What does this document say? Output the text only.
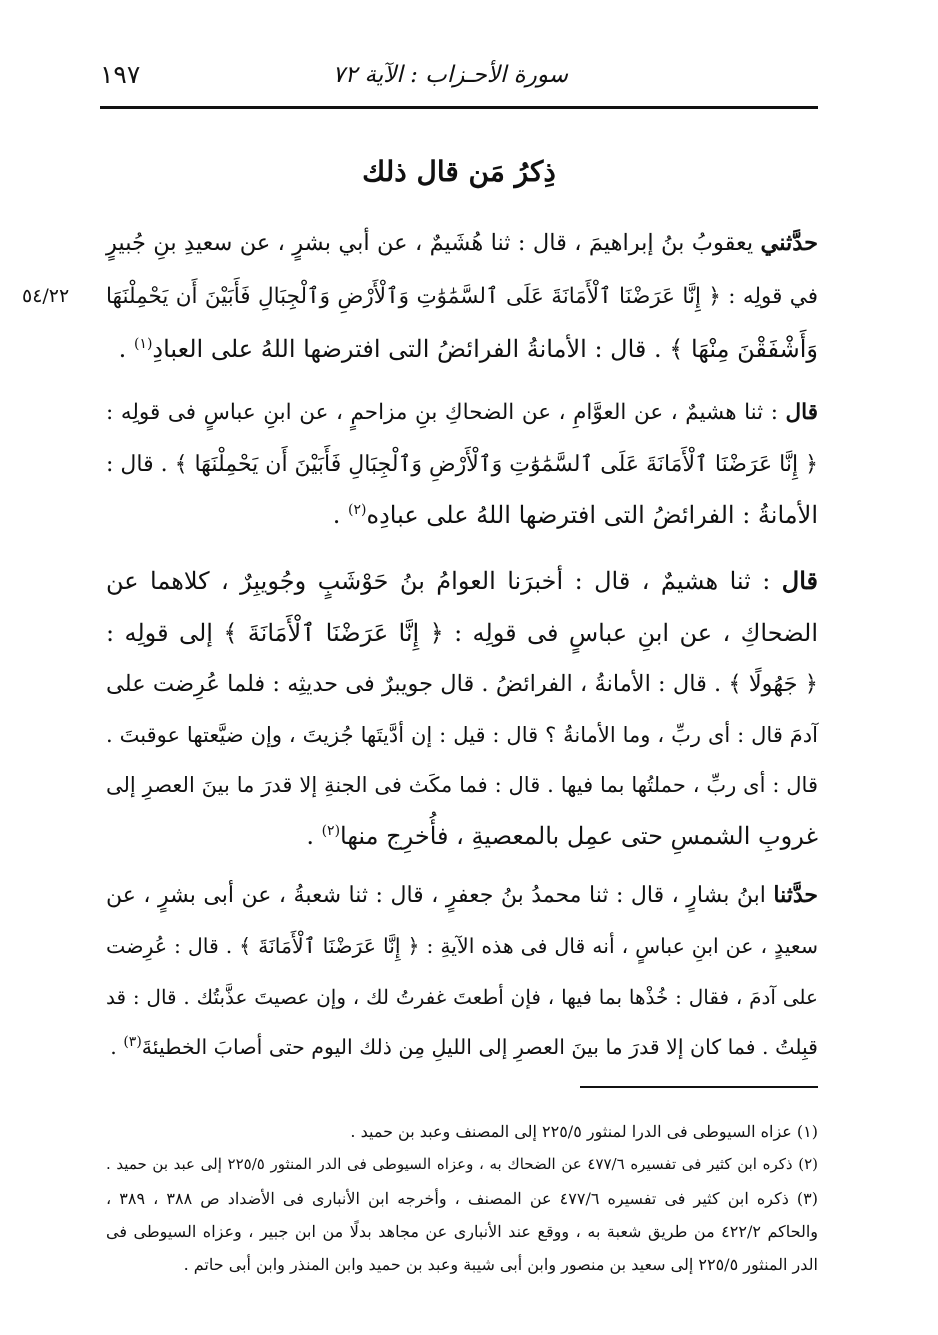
سورة الأحـزاب : الآية ٧٢
١٩٧
ذِكرُ مَن قال ذلك
٥٤/٢٢
حدَّثني يعقوبُ بنُ إبراهيمَ ، قال : ثنا هُشَيمٌ ، عن أبي بشرٍ ، عن سعيدِ بنِ جُبيرٍ
في قولِه : ﴿ إِنَّا عَرَضْنَا ٱلْأَمَانَةَ عَلَى ٱلسَّمَٰوَٰتِ وَٱلْأَرْضِ وَٱلْجِبَالِ فَأَبَيْنَ أَن يَحْمِلْنَهَا
وَأَشْفَقْنَ مِنْهَا ﴾ . قال : الأمانةُ الفرائضُ التى افترضها اللهُ على العبادِ$^{(١)}$ .
قال : ثنا هشيمٌ ، عن العوَّامِ ، عن الضحاكِ بنِ مزاحمٍ ، عن ابنِ عباسٍ فى قولِه :
﴿ إِنَّا عَرَضْنَا ٱلْأَمَانَةَ عَلَى ٱلسَّمَٰوَٰتِ وَٱلْأَرْضِ وَٱلْجِبَالِ فَأَبَيْنَ أَن يَحْمِلْنَهَا ﴾ . قال :
الأمانةُ : الفرائضُ التى افترضها اللهُ على عبادِه$^{(٢)}$ .
قال : ثنا هشيمٌ ، قال : أخبرَنا العوامُ بنُ حَوْشَبٍ وجُويبِرٌ ، كلاهما عن
الضحاكِ ، عن ابنِ عباسٍ فى قولِه : ﴿ إِنَّا عَرَضْنَا ٱلْأَمَانَةَ ﴾ إلى قولِه :
﴿ جَهُولًا ﴾ . قال : الأمانةُ ، الفرائضُ . قال جويبرٌ فى حديثِه : فلما عُرِضت على
آدمَ قال : أى ربِّ ، وما الأمانةُ ؟ قال : قيل : إن أدَّيتَها جُزيتَ ، وإن ضيَّعتها عوقبتَ .
قال : أى ربِّ ، حملتُها بما فيها . قال : فما مكَث فى الجنةِ إلا قدرَ ما بينَ العصرِ إلى
غروبِ الشمسِ حتى عمِل بالمعصيةِ ، فأُخرِج منها$^{(٢)}$ .
حدَّثنا ابنُ بشارٍ ، قال : ثنا محمدُ بنُ جعفرٍ ، قال : ثنا شعبةُ ، عن أبى بشرٍ ، عن
سعيدٍ ، عن ابنِ عباسٍ ، أنه قال فى هذه الآيةِ : ﴿ إِنَّا عَرَضْنَا ٱلْأَمَانَةَ ﴾ . قال : عُرِضت
على آدمَ ، فقال : خُذْها بما فيها ، فإن أطعتَ غفرتُ لك ، وإن عصيتَ عذَّبتُك . قال : قد
قبِلتُ . فما كان إلا قدرَ ما بينَ العصرِ إلى الليلِ مِن ذلك اليوم حتى أصابَ الخطيئةَ$^{(٣)}$ .
(١) عزاه السيوطى فى الدرا لمنثور ٢٢٥/٥ إلى المصنف وعبد بن حميد .
(٢) ذكره ابن كثير فى تفسيره ٤٧٧/٦ عن الضحاك به ، وعزاه السيوطى فى الدر المنثور ٢٢٥/٥ إلى عبد بن حميد .
(٣) ذكره ابن كثير فى تفسيره ٤٧٧/٦ عن المصنف ، وأخرجه ابن الأنبارى فى الأضداد ص ٣٨٨ ، ٣٨٩ ،
والحاكم ٤٢٢/٢ من طريق شعبة به ، ووقع عند الأنبارى عن مجاهد بدلًا من ابن جبير ، وعزاه السيوطى فى
الدر المنثور ٢٢٥/٥ إلى سعيد بن منصور وابن أبى شيبة وعبد بن حميد وابن المنذر وابن أبى حاتم .
